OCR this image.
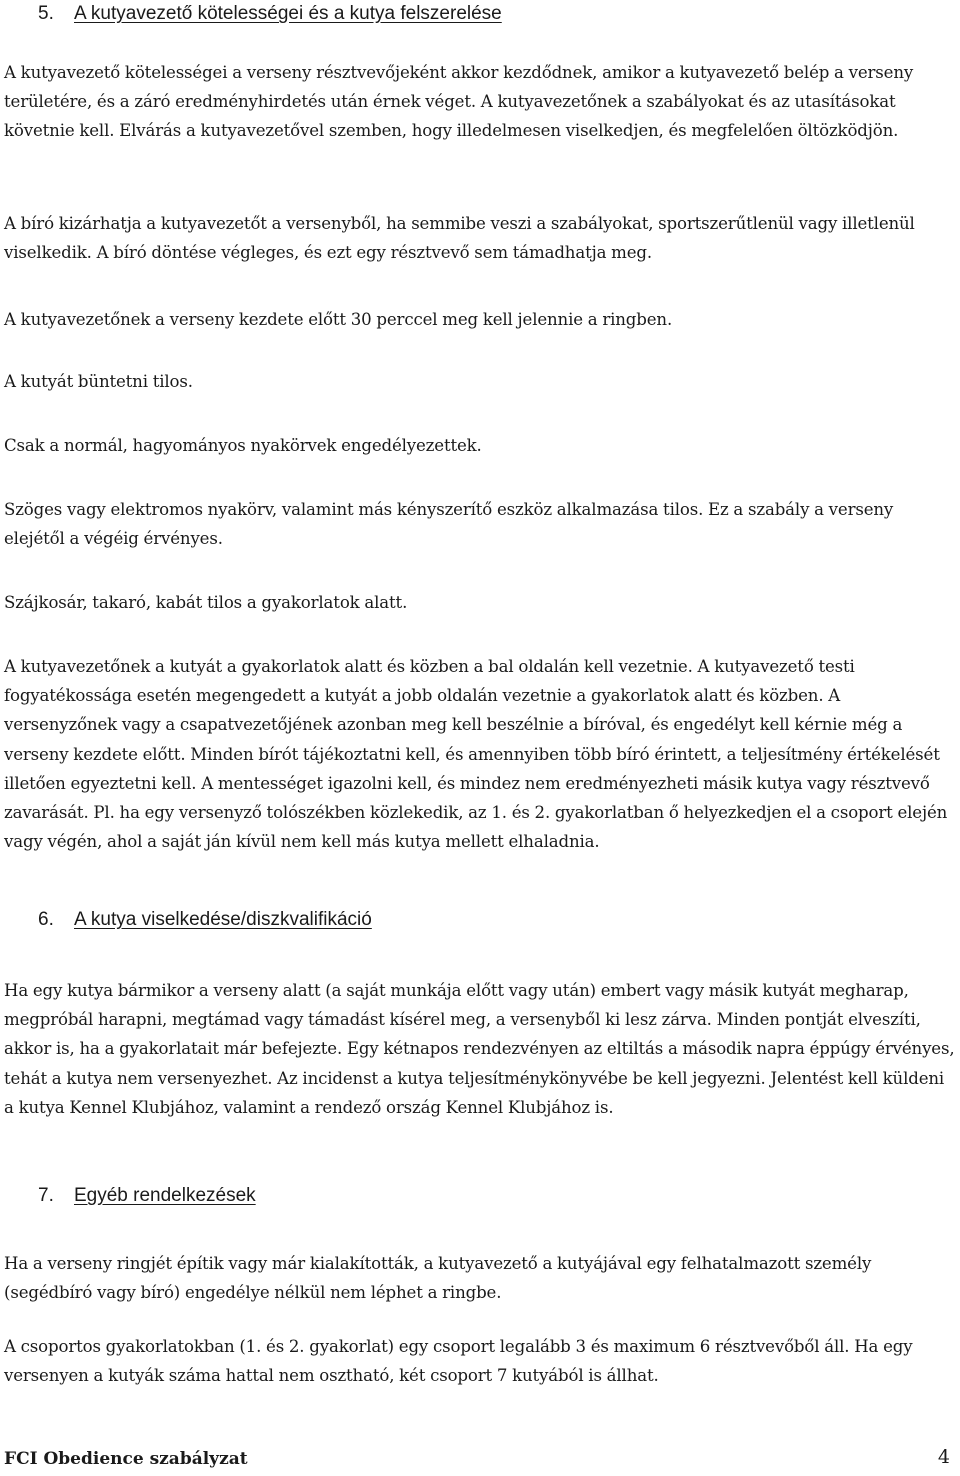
5. A kutyavezető kötelességei és a kutya felszerelése

A kutyavezető kötelességei a verseny résztvevőjeként akkor kezdődnek, amikor a kutyavezető belép a verseny területére, és a záró eredményhirdetés után érnek véget. A kutyavezetőnek a szabályokat és az utasításokat követnie kell. Elvárás a kutyavezetővel szemben, hogy illedelmesen viselkedjen, és megfelelően öltözködjön.

A bíró kizárhatja a kutyavezetőt a versenyből, ha semmibe veszi a szabályokat, sportszerűtlenül vagy illetlenül viselkedik. A bíró döntése végleges, és ezt egy résztvevő sem támadhatja meg.

A kutyavezetőnek a verseny kezdete előtt 30 perccel meg kell jelennie a ringben.

A kutyát büntetni tilos.

Csak a normál, hagyományos nyakörvek engedélyezettek.

Szöges vagy elektromos nyakörv, valamint más kényszerítő eszköz alkalmazása tilos. Ez a szabály a verseny elejétől a végéig érvényes.

Szájkosár, takaró, kabát tilos a gyakorlatok alatt.

A kutyavezetőnek a kutyát a gyakorlatok alatt és közben a bal oldalán kell vezetnie. A kutyavezető testi fogyatékossága esetén megengedett a kutyát a jobb oldalán vezetnie a gyakorlatok alatt és közben. A versenyzőnek vagy a csapatvezetőjének azonban meg kell beszélnie a bíróval, és engedélyt kell kérnie még a verseny kezdete előtt. Minden bírót tájékoztatni kell, és amennyiben több bíró érintett, a teljesítmény értékelését illetően egyeztetni kell. A mentességet igazolni kell, és mindez nem eredményezheti másik kutya vagy résztvevő zavarását. Pl. ha egy versenyző tolószékben közlekedik, az 1. és 2. gyakorlatban ő helyezkedjen el a csoport elején vagy végén, ahol a saját ján kívül nem kell más kutya mellett elhaladnia.

6. A kutya viselkedése/diszkvalifikáció

Ha egy kutya bármikor a verseny alatt (a saját munkája előtt vagy után) embert vagy másik kutyát megharap, megpróbál harapni, megtámad vagy támadást kísérel meg, a versenyből ki lesz zárva. Minden pontját elveszíti, akkor is, ha a gyakorlatait már befejezte. Egy kétnapos rendezvényen az eltiltás a második napra éppúgy érvényes, tehát a kutya nem versenyezhet. Az incidenst a kutya teljesítménykönyvébe be kell jegyezni. Jelentést kell küldeni a kutya Kennel Klubjához, valamint a rendező ország Kennel Klubjához is.

7. Egyéb rendelkezések

Ha a verseny ringjét építik vagy már kialakították, a kutyavezető a kutyájával egy felhatalmazott személy (segédbíró vagy bíró) engedélye nélkül nem léphet a ringbe.

A csoportos gyakorlatokban (1. és 2. gyakorlat) egy csoport legalább 3 és maximum 6 résztvevőből áll. Ha egy versenyen a kutyák száma hattal nem osztható, két csoport 7 kutyából is állhat.

FCI Obedience szabályzat	4
